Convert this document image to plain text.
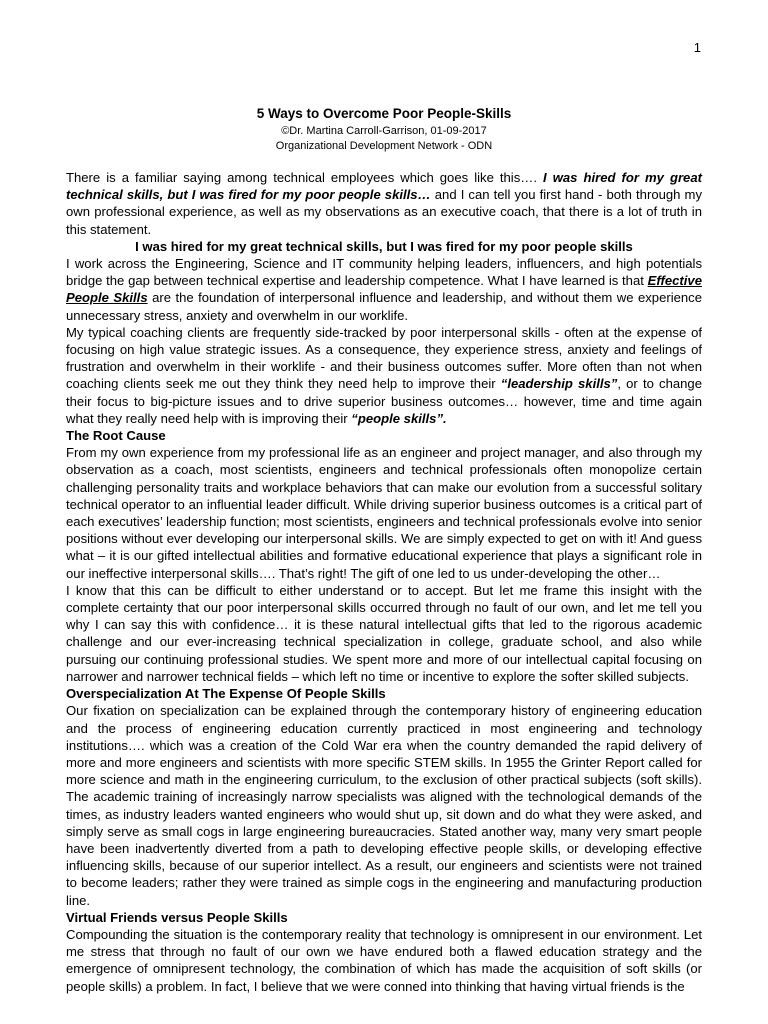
1
5 Ways to Overcome Poor People-Skills
©Dr. Martina Carroll-Garrison, 01-09-2017
Organizational Development Network - ODN

There is a familiar saying among technical employees which goes like this…. I was hired for my great technical skills, but I was fired for my poor people skills… and I can tell you first hand - both through my own professional experience, as well as my observations as an executive coach, that there is a lot of truth in this statement.

I was hired for my great technical skills, but I was fired for my poor people skills

I work across the Engineering, Science and IT community helping leaders, influencers, and high potentials bridge the gap between technical expertise and leadership competence. What I have learned is that Effective People Skills are the foundation of interpersonal influence and leadership, and without them we experience unnecessary stress, anxiety and overwhelm in our worklife.

My typical coaching clients are frequently side-tracked by poor interpersonal skills - often at the expense of focusing on high value strategic issues. As a consequence, they experience stress, anxiety and feelings of frustration and overwhelm in their worklife - and their business outcomes suffer. More often than not when coaching clients seek me out they think they need help to improve their “leadership skills”, or to change their focus to big-picture issues and to drive superior business outcomes… however, time and time again what they really need help with is improving their “people skills”.

The Root Cause

From my own experience from my professional life as an engineer and project manager, and also through my observation as a coach, most scientists, engineers and technical professionals often monopolize certain challenging personality traits and workplace behaviors that can make our evolution from a successful solitary technical operator to an influential leader difficult. While driving superior business outcomes is a critical part of each executives’ leadership function; most scientists, engineers and technical professionals evolve into senior positions without ever developing our interpersonal skills. We are simply expected to get on with it! And guess what – it is our gifted intellectual abilities and formative educational experience that plays a significant role in our ineffective interpersonal skills…. That’s right! The gift of one led to us under-developing the other…

I know that this can be difficult to either understand or to accept. But let me frame this insight with the complete certainty that our poor interpersonal skills occurred through no fault of our own, and let me tell you why I can say this with confidence… it is these natural intellectual gifts that led to the rigorous academic challenge and our ever-increasing technical specialization in college, graduate school, and also while pursuing our continuing professional studies. We spent more and more of our intellectual capital focusing on narrower and narrower technical fields – which left no time or incentive to explore the softer skilled subjects.

Overspecialization At The Expense Of People Skills

Our fixation on specialization can be explained through the contemporary history of engineering education and the process of engineering education currently practiced in most engineering and technology institutions…. which was a creation of the Cold War era when the country demanded the rapid delivery of more and more engineers and scientists with more specific STEM skills. In 1955 the Grinter Report called for more science and math in the engineering curriculum, to the exclusion of other practical subjects (soft skills). The academic training of increasingly narrow specialists was aligned with the technological demands of the times, as industry leaders wanted engineers who would shut up, sit down and do what they were asked, and simply serve as small cogs in large engineering bureaucracies. Stated another way, many very smart people have been inadvertently diverted from a path to developing effective people skills, or developing effective influencing skills, because of our superior intellect. As a result, our engineers and scientists were not trained to become leaders; rather they were trained as simple cogs in the engineering and manufacturing production line.

Virtual Friends versus People Skills

Compounding the situation is the contemporary reality that technology is omnipresent in our environment. Let me stress that through no fault of our own we have endured both a flawed education strategy and the emergence of omnipresent technology, the combination of which has made the acquisition of soft skills (or people skills) a problem. In fact, I believe that we were conned into thinking that having virtual friends is the
